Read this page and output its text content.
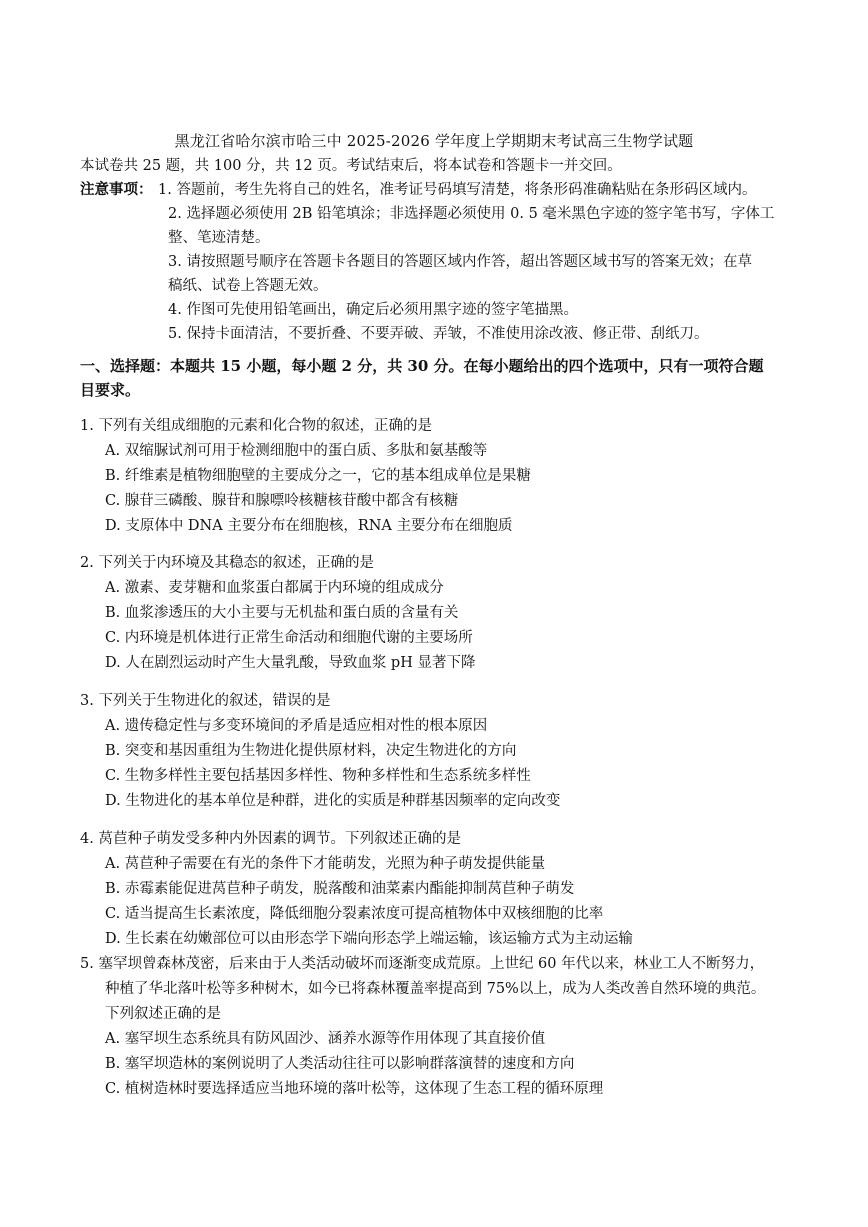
黑龙江省哈尔滨市哈三中 2025-2026 学年度上学期期末考试高三生物学试题
本试卷共 25 题，共 100 分，共 12 页。考试结束后，将本试卷和答题卡一并交回。
注意事项： 1. 答题前，考生先将自己的姓名，准考证号码填写清楚，将条形码准确粘贴在条形码区域内。
2. 选择题必须使用 2B 铅笔填涂；非选择题必须使用 0. 5 毫米黑色字迹的签字笔书写，字体工
整、笔迹清楚。
3. 请按照题号顺序在答题卡各题目的答题区域内作答，超出答题区域书写的答案无效；在草
稿纸、试卷上答题无效。
4. 作图可先使用铅笔画出，确定后必须用黑字迹的签字笔描黑。
5. 保持卡面清洁，不要折叠、不要弄破、弄皱，不准使用涂改液、修正带、刮纸刀。
一、选择题：本题共 15 小题，每小题 2 分，共 30 分。在每小题给出的四个选项中，只有一项符合题
目要求。
1. 下列有关组成细胞的元素和化合物的叙述，正确的是
A. 双缩脲试剂可用于检测细胞中的蛋白质、多肽和氨基酸等
B. 纤维素是植物细胞壁的主要成分之一，它的基本组成单位是果糖
C. 腺苷三磷酸、腺苷和腺嘌呤核糖核苷酸中都含有核糖
D. 支原体中 DNA 主要分布在细胞核，RNA 主要分布在细胞质
2. 下列关于内环境及其稳态的叙述，正确的是
A. 激素、麦芽糖和血浆蛋白都属于内环境的组成成分
B. 血浆渗透压的大小主要与无机盐和蛋白质的含量有关
C. 内环境是机体进行正常生命活动和细胞代谢的主要场所
D. 人在剧烈运动时产生大量乳酸，导致血浆 pH 显著下降
3. 下列关于生物进化的叙述，错误的是
A. 遗传稳定性与多变环境间的矛盾是适应相对性的根本原因
B. 突变和基因重组为生物进化提供原材料，决定生物进化的方向
C. 生物多样性主要包括基因多样性、物种多样性和生态系统多样性
D. 生物进化的基本单位是种群，进化的实质是种群基因频率的定向改变
4. 莴苣种子萌发受多种内外因素的调节。下列叙述正确的是
A. 莴苣种子需要在有光的条件下才能萌发，光照为种子萌发提供能量
B. 赤霉素能促进莴苣种子萌发，脱落酸和油菜素内酯能抑制莴苣种子萌发
C. 适当提高生长素浓度，降低细胞分裂素浓度可提高植物体中双核细胞的比率
D. 生长素在幼嫩部位可以由形态学下端向形态学上端运输，该运输方式为主动运输
5. 塞罕坝曾森林茂密，后来由于人类活动破坏而逐渐变成荒原。上世纪 60 年代以来，林业工人不断努力，
种植了华北落叶松等多种树木，如今已将森林覆盖率提高到 75%以上，成为人类改善自然环境的典范。
下列叙述正确的是
A. 塞罕坝生态系统具有防风固沙、涵养水源等作用体现了其直接价值
B. 塞罕坝造林的案例说明了人类活动往往可以影响群落演替的速度和方向
C. 植树造林时要选择适应当地环境的落叶松等，这体现了生态工程的循环原理
